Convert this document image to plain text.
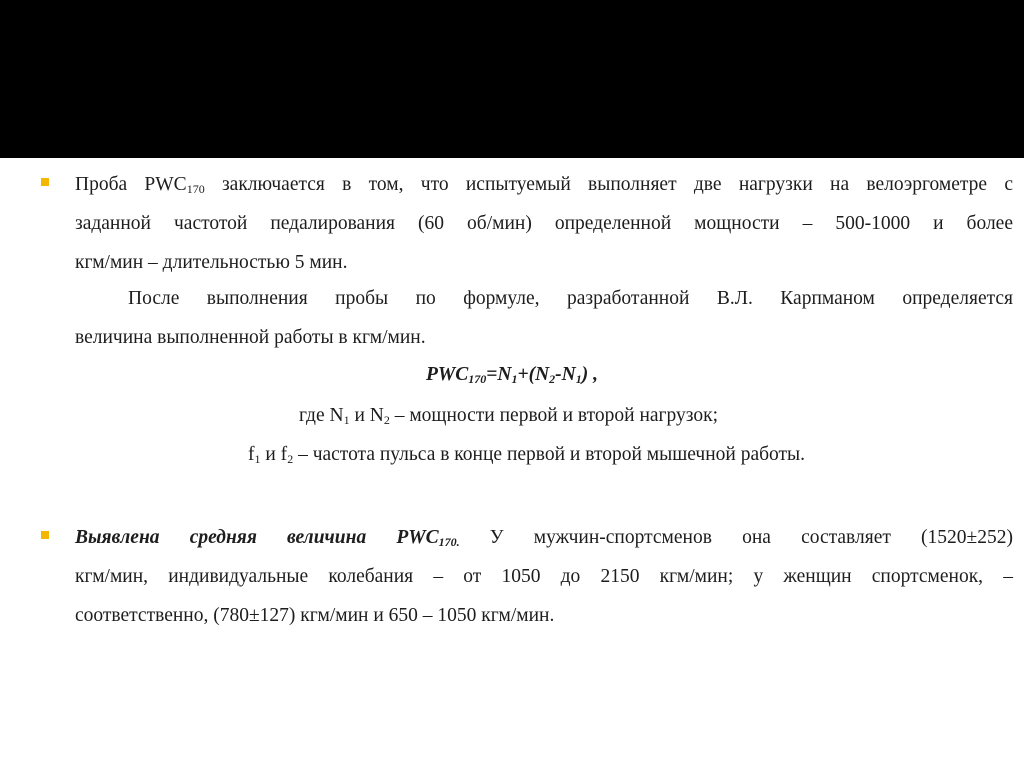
Проба $PWC_{170}$ заключается в том, что испытуемый выполняет две нагрузки на велоэргометре с
заданной частотой педалирования (60 об/мин) определенной мощности – 500-1000 и более
кгм/мин – длительностью 5 мин.
После выполнения пробы по формуле, разработанной В.Л. Карпманом определяется
величина выполненной работы в кгм/мин.
$PWC_{170}=N_1+(N_2-N_1)$ ,
где $N_1$ и $N_2$ – мощности первой и второй нагрузок;
$f_1$ и $f_2$ – частота пульса в конце первой и второй мышечной работы.
Выявлена средняя величина $PWC_{170.}$ У мужчин-спортсменов она составляет (1520±252)
кгм/мин, индивидуальные колебания – от 1050 до 2150 кгм/мин; у женщин спортсменок, –
соответственно, (780±127) кгм/мин и 650 – 1050 кгм/мин.
